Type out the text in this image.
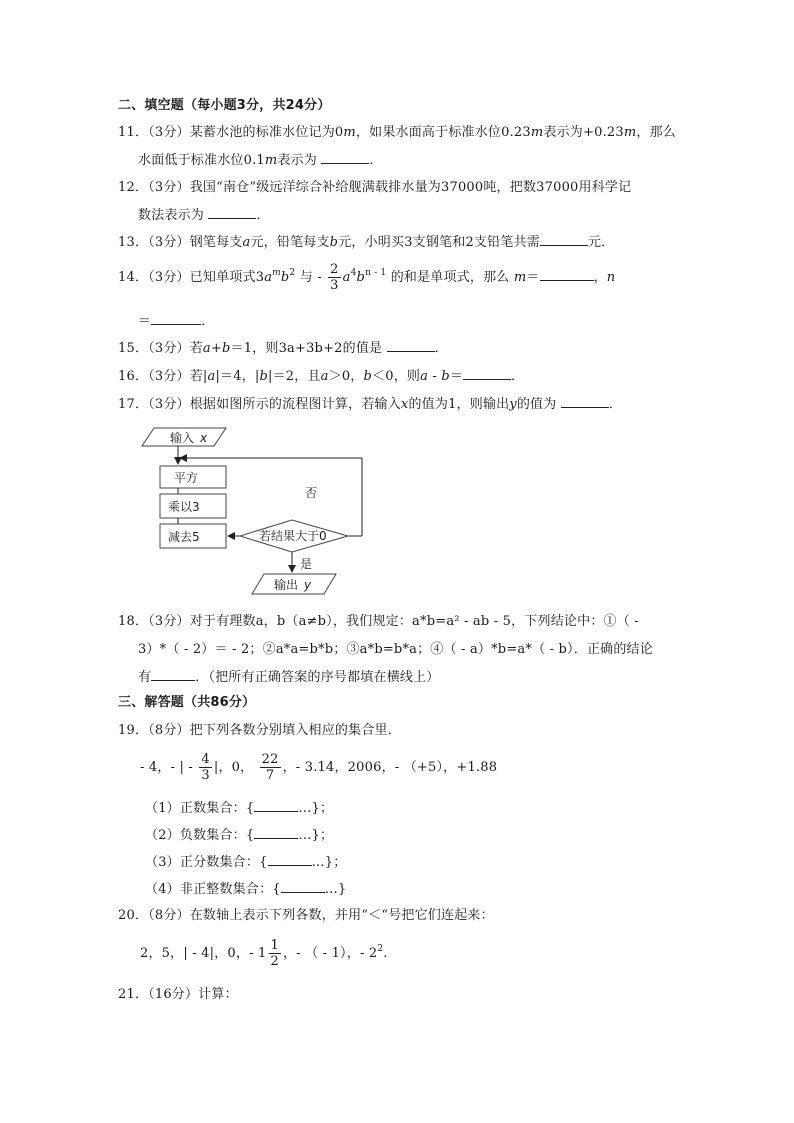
二、填空题（每小题3分，共24分）
11．（3分）某蓄水池的标准水位记为0m，如果水面高于标准水位0.23m表示为+0.23m，那么
水面低于标准水位0.1m表示为	．
12．（3分）我国“南仓”级远洋综合补给舰满载排水量为37000吨，把数37000用科学记
数法表示为	．
13．（3分）钢笔每支a元，铅笔每支b元，小明买3支钢笔和2支铅笔共需	元．
14．（3分）已知单项式$3a^mb^2$ 与 - $\frac{2}{3} a^4b^{n - 1}$ 的和是单项式，那么 m＝	，n
＝	．
15．（3分）若a+b＝1，则3a+3b+2的值是	．
16．（3分）若|a|＝4，|b|＝2，且a＞0，b＜0，则a - b＝	．
17．（3分）根据如图所示的流程图计算，若输入x的值为1，则输出y的值为	．
输入 x
平方
乘以3
减去5	若结果大于0
否
是
输出 y
18．（3分）对于有理数a，b（a≠b），我们规定：a*b=a² - ab - 5，下列结论中：①（ -
3）*（ - 2）＝ - 2；②a*a=b*b；③a*b=b*a；④（ - a）*b=a*（ - b）．正确的结论
有	．（把所有正确答案的序号都填在横线上）
三、解答题（共86分）
19．（8分）把下列各数分别填入相应的集合里．
- 4，- | - $\frac{4}{3}$ |，0， $\frac{22}{7}$ ，- 3.14，2006，- （+5），+1.88
（1）正数集合：{	…}；
（2）负数集合：{	…}；
（3）正分数集合：{	…}；
（4）非正整数集合：{	…}
20．（8分）在数轴上表示下列各数，并用“＜“号把它们连起来：
2，5，| - 4|，0，- $1 \frac{1}{2}$ ，- （ - 1），- $2^2$.
21．（16分）计算：
